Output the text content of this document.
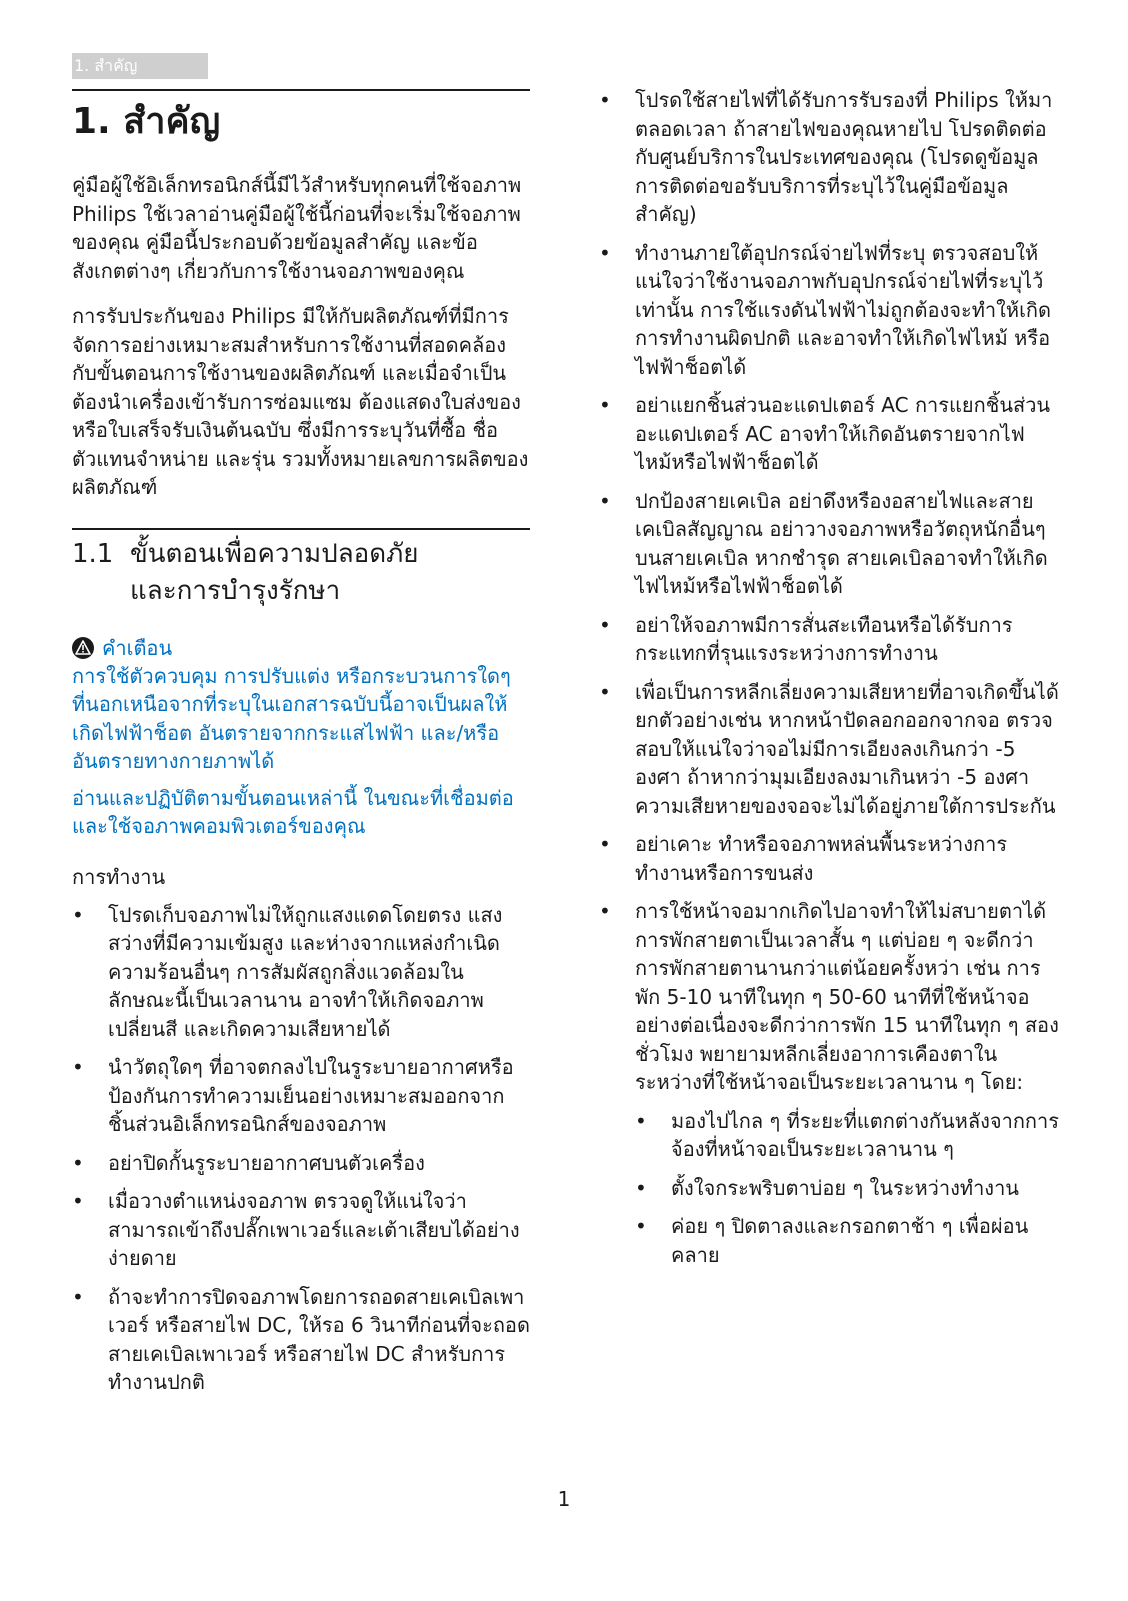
1. สำคัญ
1. สำคัญ

คู่มือผู้ใช้อิเล็กทรอนิกส์นี้มีไว้สำหรับทุกคนที่ใช้จอภาพ Philips ใช้เวลาอ่านคู่มือผู้ใช้นี้ก่อนที่จะเริ่มใช้จอภาพของคุณ คู่มือนี้ประกอบด้วยข้อมูลสำคัญ และข้อสังเกตต่างๆ เกี่ยวกับการใช้งานจอภาพของคุณ

การรับประกันของ Philips มีให้กับผลิตภัณฑ์ที่มีการจัดการอย่างเหมาะสมสำหรับการใช้งานที่สอดคล้องกับขั้นตอนการใช้งานของผลิตภัณฑ์ และเมื่อจำเป็นต้องนำเครื่องเข้ารับการซ่อมแซม ต้องแสดงใบส่งของหรือใบเสร็จรับเงินต้นฉบับ ซึ่งมีการระบุวันที่ซื้อ ชื่อตัวแทนจำหน่าย และรุ่น รวมทั้งหมายเลขการผลิตของผลิตภัณฑ์

1.1 ขั้นตอนเพื่อความปลอดภัย
และการบำรุงรักษา
คำเตือน

การใช้ตัวควบคุม การปรับแต่ง หรือกระบวนการใดๆ ที่นอกเหนือจากที่ระบุในเอกสารฉบับนี้อาจเป็นผลให้เกิดไฟฟ้าช็อต อันตรายจากกระแสไฟฟ้า และ/หรืออันตรายทางกายภาพได้

อ่านและปฏิบัติตามขั้นตอนเหล่านี้ ในขณะที่เชื่อมต่อและใช้จอภาพคอมพิวเตอร์ของคุณ

การทำงาน
• โปรดเก็บจอภาพไม่ให้ถูกแสงแดดโดยตรง แสงสว่างที่มีความเข้มสูง และห่างจากแหล่งกำเนิดความร้อนอื่นๆ การสัมผัสถูกสิ่งแวดล้อมในลักษณะนี้เป็นเวลานาน อาจทำให้เกิดจอภาพเปลี่ยนสี และเกิดความเสียหายได้
• นำวัตถุใดๆ ที่อาจตกลงไปในรูระบายอากาศหรือป้องกันการทำความเย็นอย่างเหมาะสมออกจากชิ้นส่วนอิเล็กทรอนิกส์ของจอภาพ
• อย่าปิดกั้นรูระบายอากาศบนตัวเครื่อง
• เมื่อวางตำแหน่งจอภาพ ตรวจดูให้แน่ใจว่าสามารถเข้าถึงปลั๊กเพาเวอร์และเต้าเสียบได้อย่างง่ายดาย
• ถ้าจะทำการปิดจอภาพโดยการถอดสายเคเบิลเพาเวอร์ หรือสายไฟ DC, ให้รอ 6 วินาทีก่อนที่จะถอดสายเคเบิลเพาเวอร์ หรือสายไฟ DC สำหรับการทำงานปกติ
• โปรดใช้สายไฟที่ได้รับการรับรองที่ Philips ให้มาตลอดเวลา ถ้าสายไฟของคุณหายไป โปรดติดต่อกับศูนย์บริการในประเทศของคุณ (โปรดดูข้อมูลการติดต่อขอรับบริการที่ระบุไว้ในคู่มือข้อมูลสำคัญ)
• ทำงานภายใต้อุปกรณ์จ่ายไฟที่ระบุ ตรวจสอบให้แน่ใจว่าใช้งานจอภาพกับอุปกรณ์จ่ายไฟที่ระบุไว้เท่านั้น การใช้แรงดันไฟฟ้าไม่ถูกต้องจะทำให้เกิดการทำงานผิดปกติ และอาจทำให้เกิดไฟไหม้ หรือไฟฟ้าช็อตได้
• อย่าแยกชิ้นส่วนอะแดปเตอร์ AC การแยกชิ้นส่วนอะแดปเตอร์ AC อาจทำให้เกิดอันตรายจากไฟไหม้หรือไฟฟ้าช็อตได้
• ปกป้องสายเคเบิล อย่าดึงหรืองอสายไฟและสายเคเบิลสัญญาณ อย่าวางจอภาพหรือวัตถุหนักอื่นๆ บนสายเคเบิล หากชำรุด สายเคเบิลอาจทำให้เกิดไฟไหม้หรือไฟฟ้าช็อตได้
• อย่าให้จอภาพมีการสั่นสะเทือนหรือได้รับการกระแทกที่รุนแรงระหว่างการทำงาน
• เพื่อเป็นการหลีกเลี่ยงความเสียหายที่อาจเกิดขึ้นได้ ยกตัวอย่างเช่น หากหน้าปัดลอกออกจากจอ ตรวจสอบให้แน่ใจว่าจอไม่มีการเอียงลงเกินกว่า -5 องศา ถ้าหากว่ามุมเอียงลงมาเกินหว่า -5 องศา ความเสียหายของจอจะไม่ได้อยู่ภายใต้การประกัน
• อย่าเคาะ ทำหรือจอภาพหล่นพื้นระหว่างการทำงานหรือการขนส่ง
• การใช้หน้าจอมากเกิดไปอาจทำให้ไม่สบายตาได้ การพักสายตาเป็นเวลาสั้น ๆ แต่บ่อย ๆ จะดีกว่าการพักสายตานานกว่าแต่น้อยครั้งหว่า เช่น การพัก 5-10 นาทีในทุก ๆ 50-60 นาทีที่ใช้หน้าจออย่างต่อเนื่องจะดีกว่าการพัก 15 นาทีในทุก ๆ สองชั่วโมง พยายามหลีกเลี่ยงอาการเคืองตาในระหว่างที่ใช้หน้าจอเป็นระยะเวลานาน ๆ โดย:
• มองไปไกล ๆ ที่ระยะที่แตกต่างกันหลังจากการจ้องที่หน้าจอเป็นระยะเวลานาน ๆ
• ตั้งใจกระพริบตาบ่อย ๆ ในระหว่างทำงาน
• ค่อย ๆ ปิดตาลงและกรอกตาช้า ๆ เพื่อผ่อนคลาย
1
